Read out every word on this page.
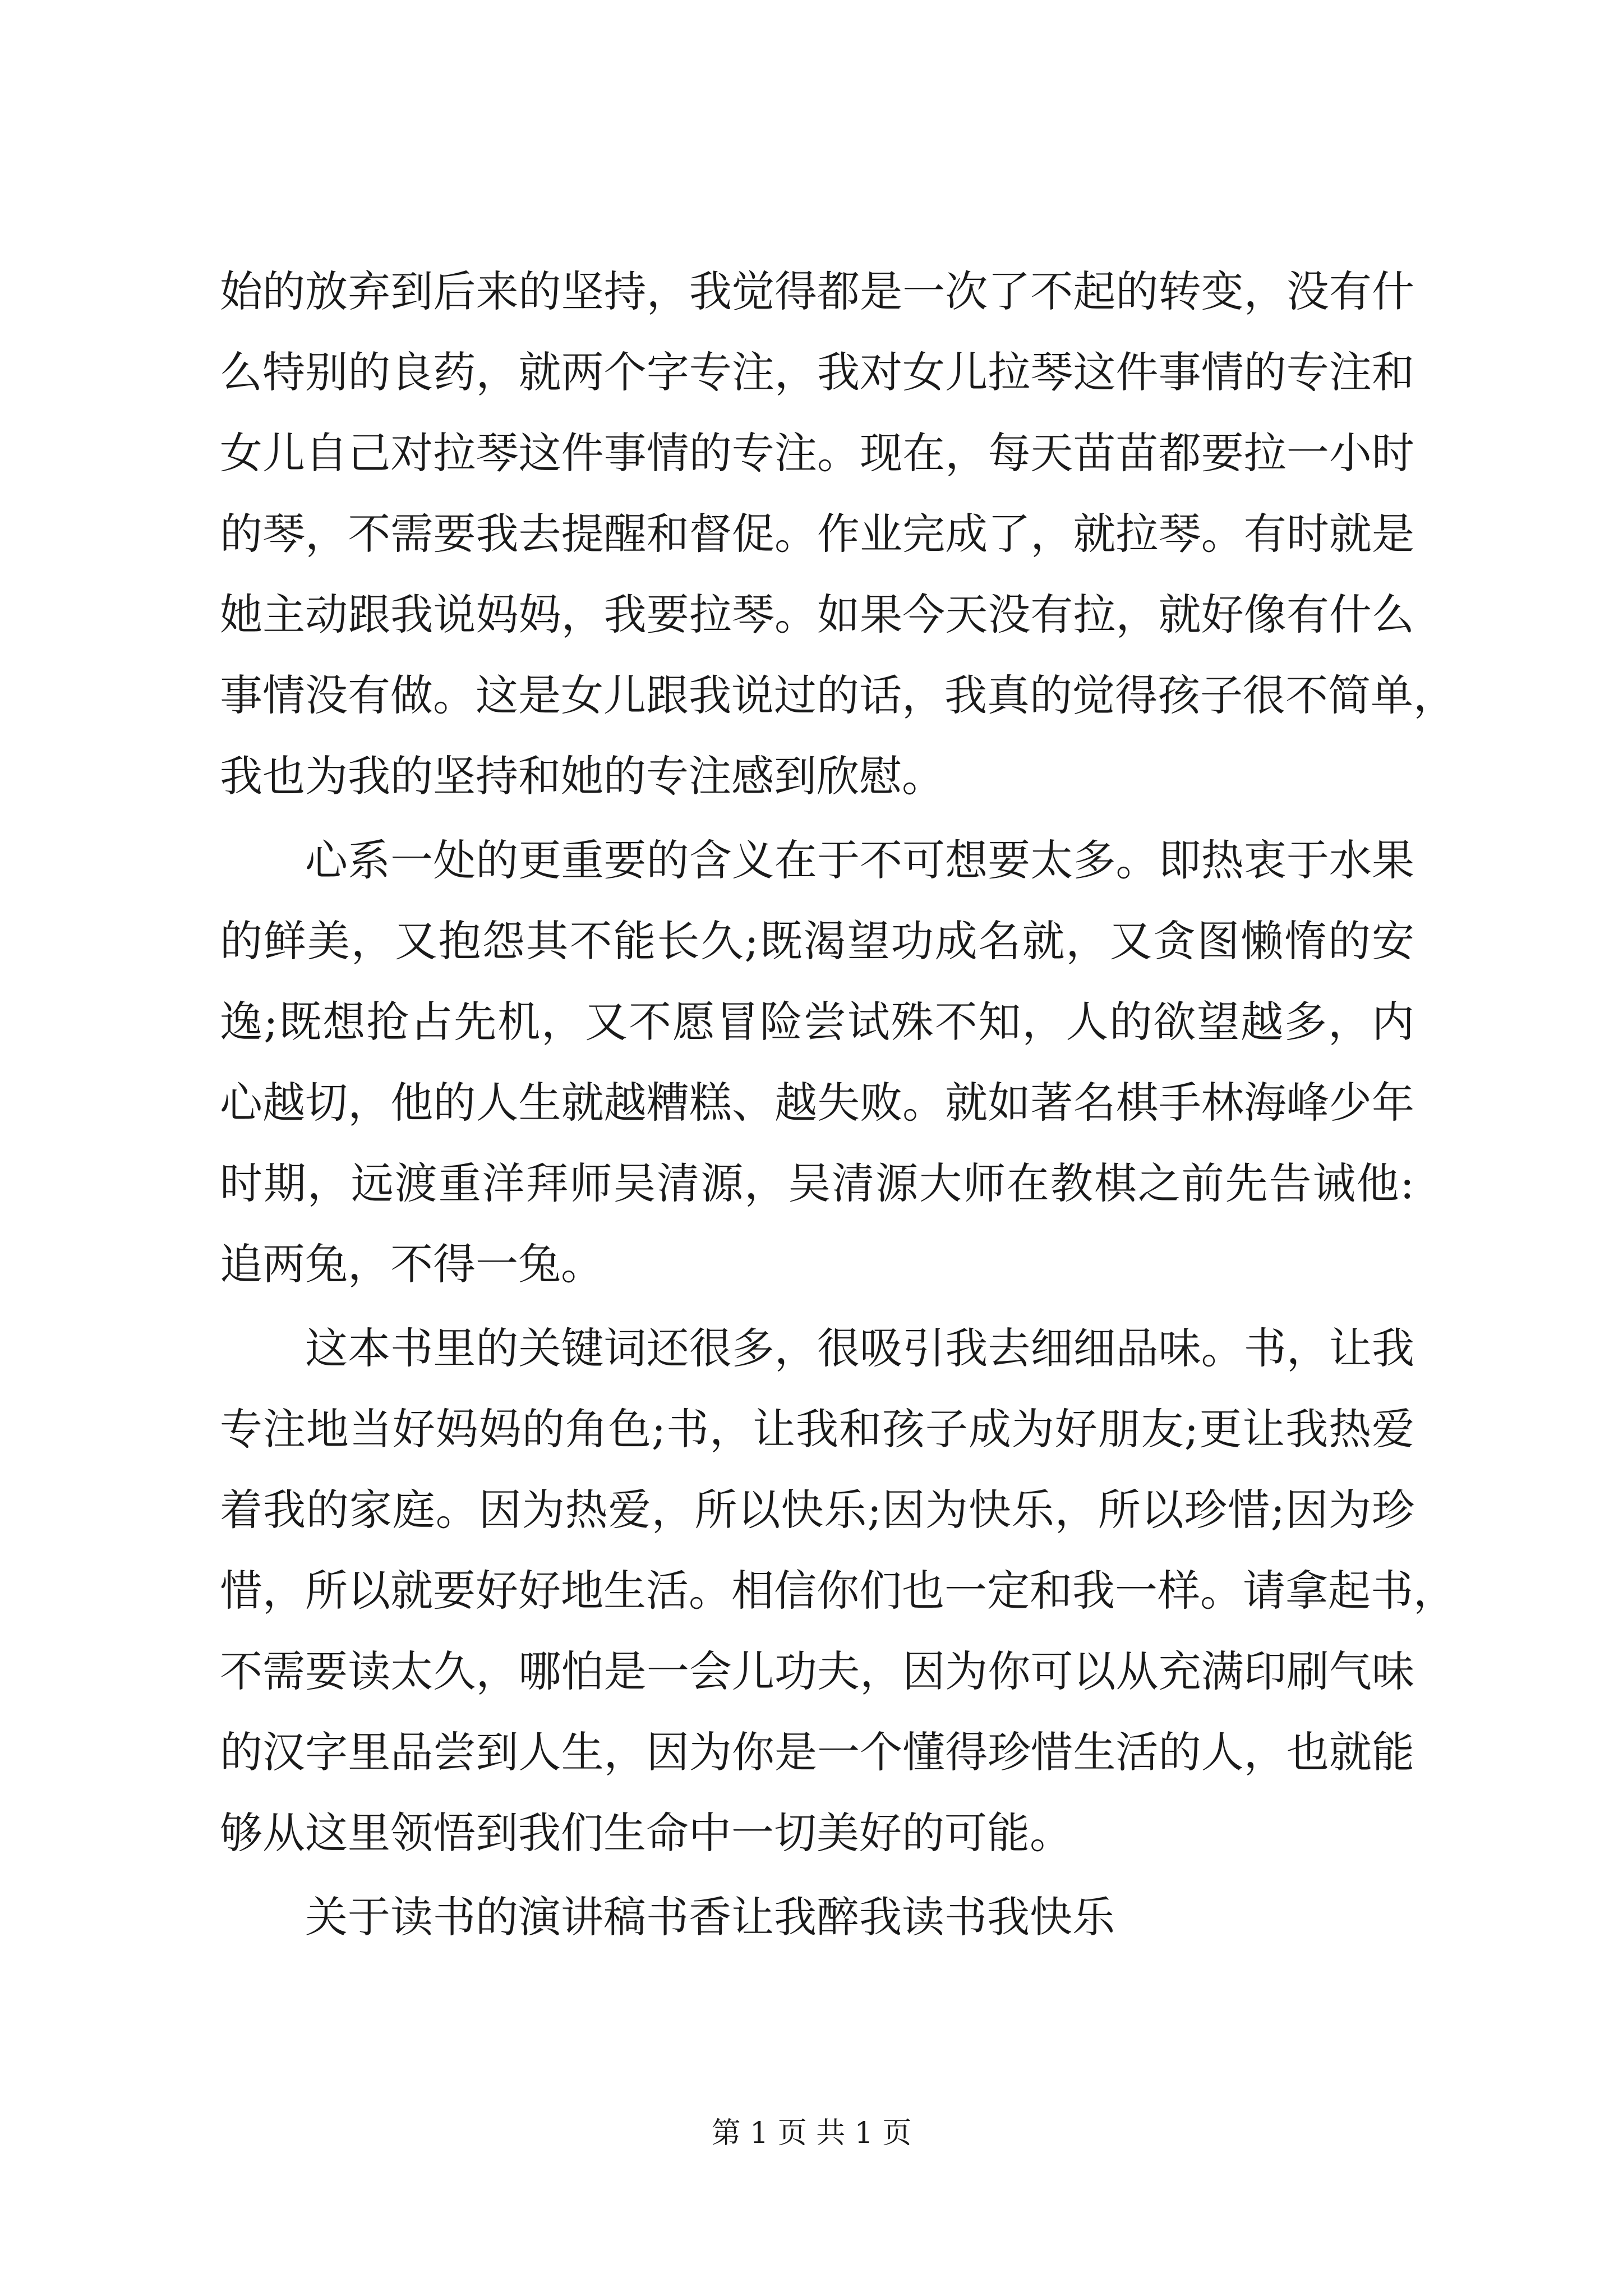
始的放弃到后来的坚持，我觉得都是一次了不起的转变，没有什
么特别的良药，就两个字专注，我对女儿拉琴这件事情的专注和
女儿自己对拉琴这件事情的专注。现在，每天苗苗都要拉一小时
的琴，不需要我去提醒和督促。作业完成了，就拉琴。有时就是
她主动跟我说妈妈，我要拉琴。如果今天没有拉，就好像有什么
事情没有做。这是女儿跟我说过的话，我真的觉得孩子很不简单，
我也为我的坚持和她的专注感到欣慰。
心系一处的更重要的含义在于不可想要太多。即热衷于水果
的鲜美，又抱怨其不能长久;既渴望功成名就，又贪图懒惰的安
逸;既想抢占先机，又不愿冒险尝试殊不知，人的欲望越多，内
心越切，他的人生就越糟糕、越失败。就如著名棋手林海峰少年
时期，远渡重洋拜师吴清源，吴清源大师在教棋之前先告诫他:
追两兔，不得一兔。
这本书里的关键词还很多，很吸引我去细细品味。书，让我
专注地当好妈妈的角色;书，让我和孩子成为好朋友;更让我热爱
着我的家庭。因为热爱，所以快乐;因为快乐，所以珍惜;因为珍
惜，所以就要好好地生活。相信你们也一定和我一样。请拿起书，
不需要读太久，哪怕是一会儿功夫，因为你可以从充满印刷气味
的汉字里品尝到人生，因为你是一个懂得珍惜生活的人，也就能
够从这里领悟到我们生命中一切美好的可能。
关于读书的演讲稿书香让我醉我读书我快乐
第 1 页 共 1 页
